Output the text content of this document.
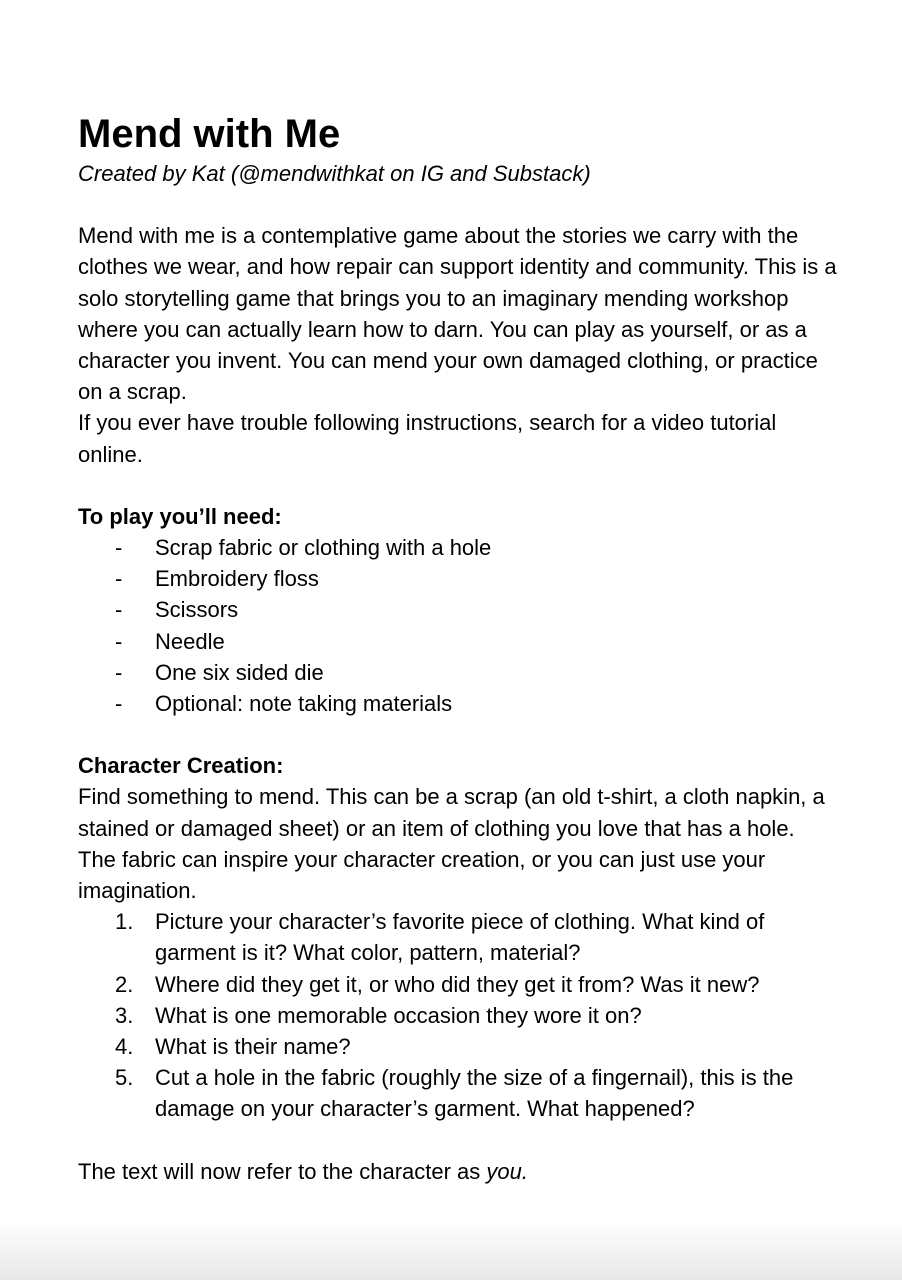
Mend with Me

Created by Kat (@mendwithkat on IG and Substack)

Mend with me is a contemplative game about the stories we carry with the clothes we wear, and how repair can support identity and community. This is a solo storytelling game that brings you to an imaginary mending workshop where you can actually learn how to darn. You can play as yourself, or as a character you invent. You can mend your own damaged clothing, or practice on a scrap.

If you ever have trouble following instructions, search for a video tutorial online.

To play you’ll need:

- Scrap fabric or clothing with a hole
- Embroidery floss
- Scissors
- Needle
- One six sided die
- Optional: note taking materials

Character Creation:

Find something to mend. This can be a scrap (an old t-shirt, a cloth napkin, a stained or damaged sheet) or an item of clothing you love that has a hole. The fabric can inspire your character creation, or you can just use your imagination.

1. Picture your character’s favorite piece of clothing. What kind of garment is it? What color, pattern, material?
2. Where did they get it, or who did they get it from? Was it new?
3. What is one memorable occasion they wore it on?
4. What is their name?
5. Cut a hole in the fabric (roughly the size of a fingernail), this is the damage on your character’s garment. What happened?

The text will now refer to the character as you.
